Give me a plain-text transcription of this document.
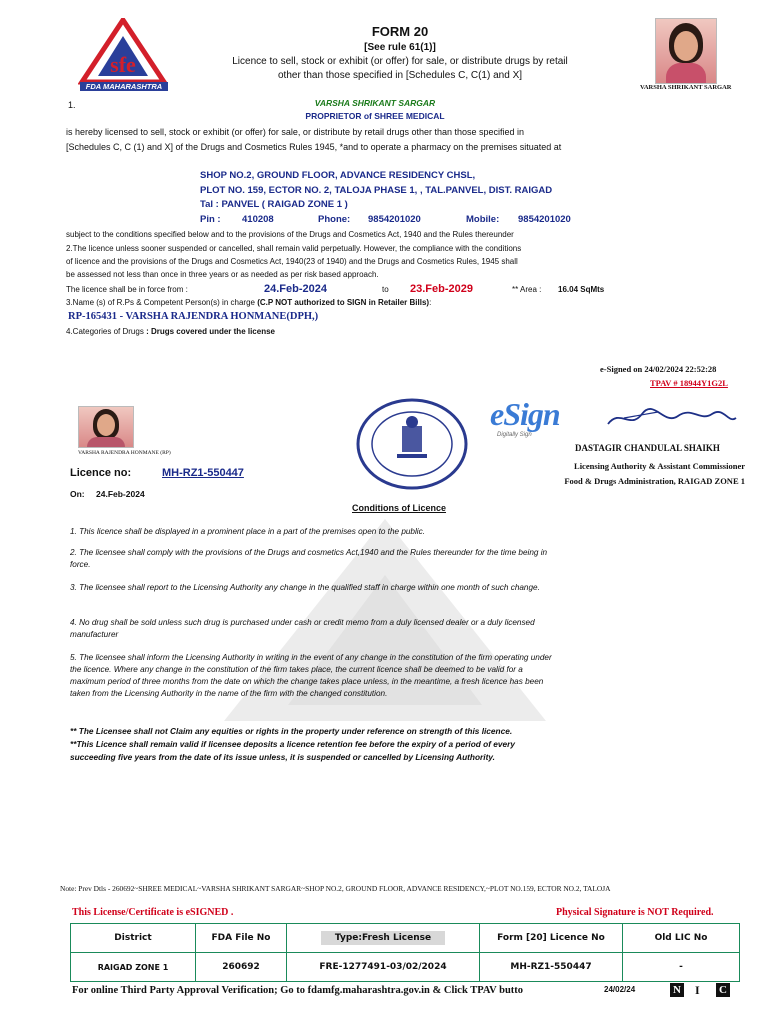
sfe
FDA MAHARASHTRA
FORM 20
[See rule 61(1)]
Licence to sell, stock or exhibit (or offer) for sale, or distribute drugs by retail
other than those specified in [Schedules C, C(1) and X]
VARSHA SHRIKANT SARGAR
1.	VARSHA SHRIKANT SARGAR
PROPRIETOR of SHREE MEDICAL
is hereby licensed to sell, stock or exhibit (or offer) for sale, or distribute by retail drugs other than those specified in
[Schedules C, C (1) and X] of the Drugs and Cosmetics Rules 1945, *and to operate a pharmacy on the premises situated at
SHOP NO.2, GROUND FLOOR, ADVANCE RESIDENCY CHSL,
PLOT NO. 159, ECTOR NO. 2, TALOJA PHASE 1, , TAL.PANVEL, DIST. RAIGAD
Tal : PANVEL ( RAIGAD ZONE 1 )
Pin : 410208	Phone: 9854201020	Mobile: 9854201020
subject to the conditions specified below and to the provisions of the Drugs and Cosmetics Act, 1940 and the Rules thereunder
2.The licence unless sooner suspended or cancelled, shall remain valid perpetually. However, the compliance with the conditions
of licence and the provisions of the Drugs and Cosmetics Act, 1940(23 of 1940) and the Drugs and Cosmetics Rules, 1945 shall
be assessed not less than once in three years or as needed as per risk based approach.
The licence shall be in force from :	24.Feb-2024	to 23.Feb-2029	** Area : 16.04 SqMts
3.Name (s) of R.Ps & Competent Person(s) in charge (C.P NOT authorized to SIGN in Retailer Bills):
RP-165431 - VARSHA RAJENDRA HONMANE(DPH,)
4.Categories of Drugs : Drugs covered under the license
e-Signed on 24/02/2024 22:52:28
TPAV # 18944Y1G2L
VARSHA RAJENDRA HONMANE (RP)
eSign
Digitally Sign
DASTAGIR CHANDULAL SHAIKH
Licensing Authority & Assistant Commissioner
Food & Drugs Administration, RAIGAD ZONE 1
Licence no:	MH-RZ1-550447
On: 24.Feb-2024
Conditions of Licence
1. This licence shall be displayed in a prominent place in a part of the premises open to the public.
2. The licensee shall comply with the provisions of the Drugs and cosmetics Act,1940 and the Rules thereunder for the time being in force.
3. The licensee shall report to the Licensing Authority any change in the qualified staff in charge within one month of such change.
4. No drug shall be sold unless such drug is purchased under cash or credit memo from a duly licensed dealer or a duly licensed manufacturer
5. The licensee shall inform the Licensing Authority in writing in the event of any change in the constitution of the firm operating under the licence. Where any change in the constitution of the firm takes place, the current licence shall be deemed to be valid for a maximum period of three months from the date on which the change takes place unless, in the meantime, a fresh licence has been taken from the Licensing Authority in the name of the firm with the changed constitution.
** The Licensee shall not Claim any equities or rights in the property under reference on strength of this licence.
**This Licence shall remain valid if licensee deposits a licence retention fee before the expiry of a period of every
succeeding five years from the date of its issue unless, it is suspended or cancelled by Licensing Authority.
Note: Prev Dtls - 260692~SHREE MEDICAL~VARSHA SHRIKANT SARGAR~SHOP NO.2, GROUND FLOOR, ADVANCE RESIDENCY,~PLOT NO.159, ECTOR NO.2, TALOJA
This License/Certificate is eSIGNED .	Physical Signature is NOT Required.
District	FDA File No	Type:Fresh License	Form [20] Licence No	Old LIC No
RAIGAD ZONE 1	260692	FRE-1277491-03/02/2024	MH-RZ1-550447	-
For online Third Party Approval Verification; Go to fdamfg.maharashtra.gov.in & Click TPAV butto	24/02/24	N I C
